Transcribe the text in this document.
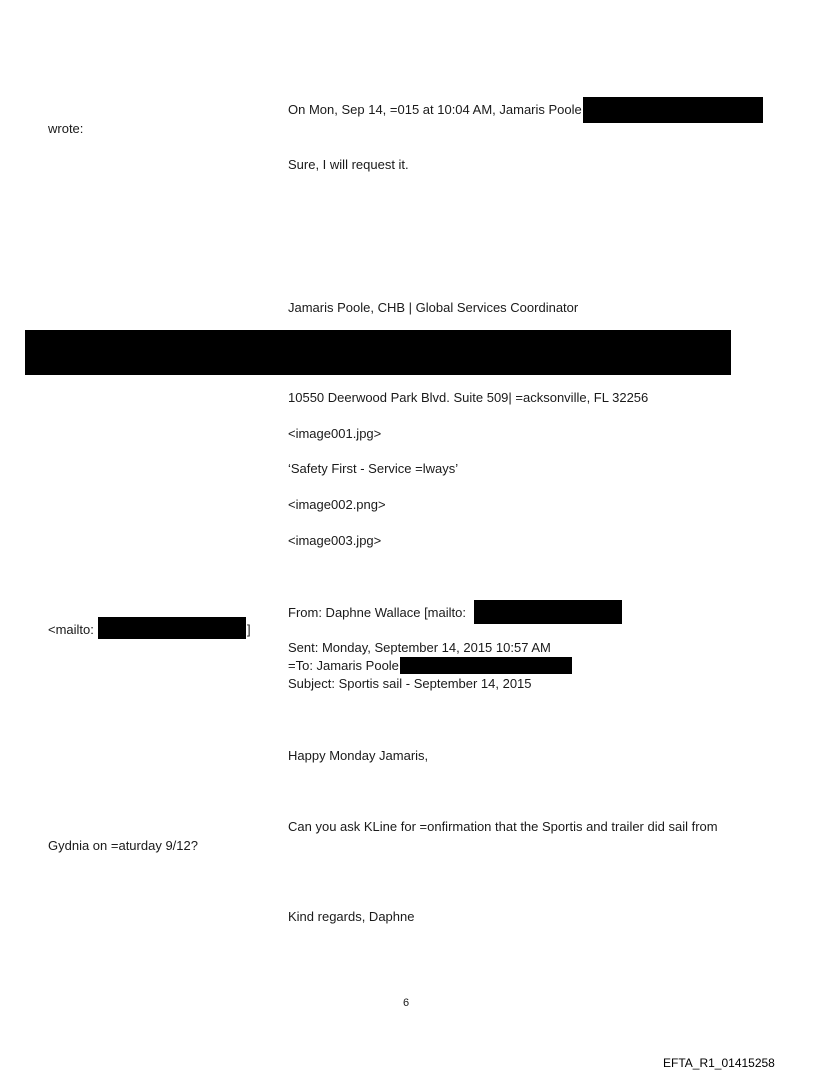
On Mon, Sep 14, =015 at 10:04 AM, Jamaris Poole
wrote:
Sure, I will request it.
Jamaris Poole, CHB | Global Services Coordinator
10550 Deerwood Park Blvd. Suite 509| =acksonville, FL 32256
<image001.jpg>
‘Safety First - Service =lways’
<image002.png>
<image003.jpg>
From: Daphne Wallace [mailto:
<mailto:	]
Sent: Monday, September 14, 2015 10:57 AM
=To: Jamaris Poole
Subject: Sportis sail - September 14, 2015
Happy Monday Jamaris,
Can you ask KLine for =onfirmation that the Sportis and trailer did sail from
Gydnia on =aturday 9/12?
Kind regards, Daphne
6
EFTA_R1_01415258
